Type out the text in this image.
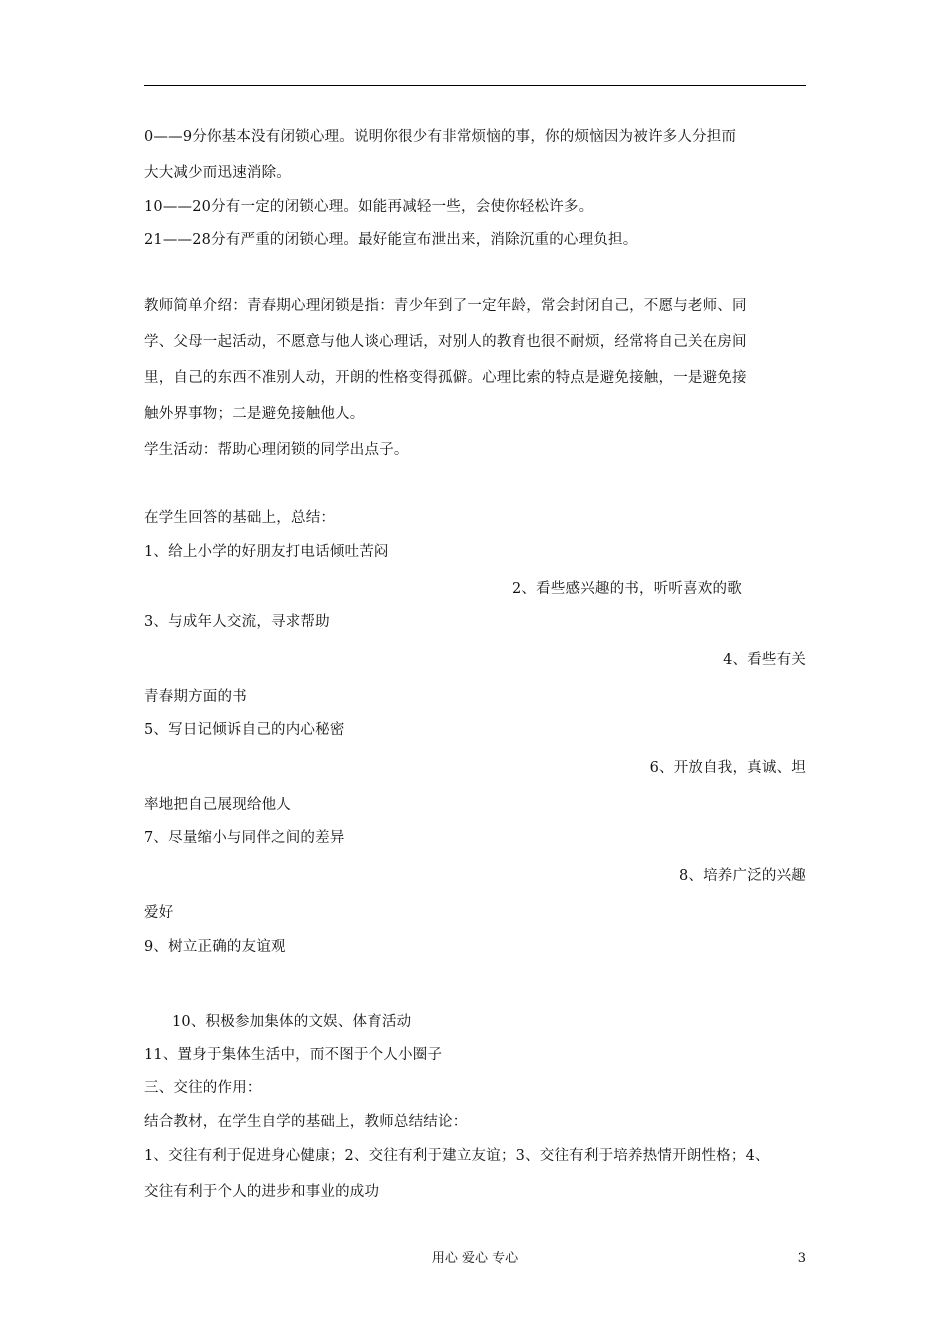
0——9分你基本没有闭锁心理。说明你很少有非常烦恼的事，你的烦恼因为被许多人分担而
大大减少而迅速消除。
10——20分有一定的闭锁心理。如能再减轻一些，会使你轻松许多。
21——28分有严重的闭锁心理。最好能宣布泄出来，消除沉重的心理负担。
教师简单介绍：青春期心理闭锁是指：青少年到了一定年龄，常会封闭自己，不愿与老师、同
学、父母一起活动，不愿意与他人谈心理话，对别人的教育也很不耐烦，经常将自己关在房间
里，自己的东西不准别人动，开朗的性格变得孤僻。心理比索的特点是避免接触，一是避免接
触外界事物；二是避免接触他人。
学生活动：帮助心理闭锁的同学出点子。
在学生回答的基础上，总结：
1、给上小学的好朋友打电话倾吐苦闷
2、看些感兴趣的书，听听喜欢的歌
3、与成年人交流，寻求帮助
4、看些有关
青春期方面的书
5、写日记倾诉自己的内心秘密
6、开放自我，真诚、坦
率地把自己展现给他人
7、尽量缩小与同伴之间的差异
8、培养广泛的兴趣
爱好
9、树立正确的友谊观
10、积极参加集体的文娱、体育活动
11、置身于集体生活中，而不图于个人小圈子
三、交往的作用：
结合教材，在学生自学的基础上，教师总结结论：
1、交往有利于促进身心健康；2、交往有利于建立友谊；3、交往有利于培养热情开朗性格；4、
交往有利于个人的进步和事业的成功
用心 爱心 专心	3
